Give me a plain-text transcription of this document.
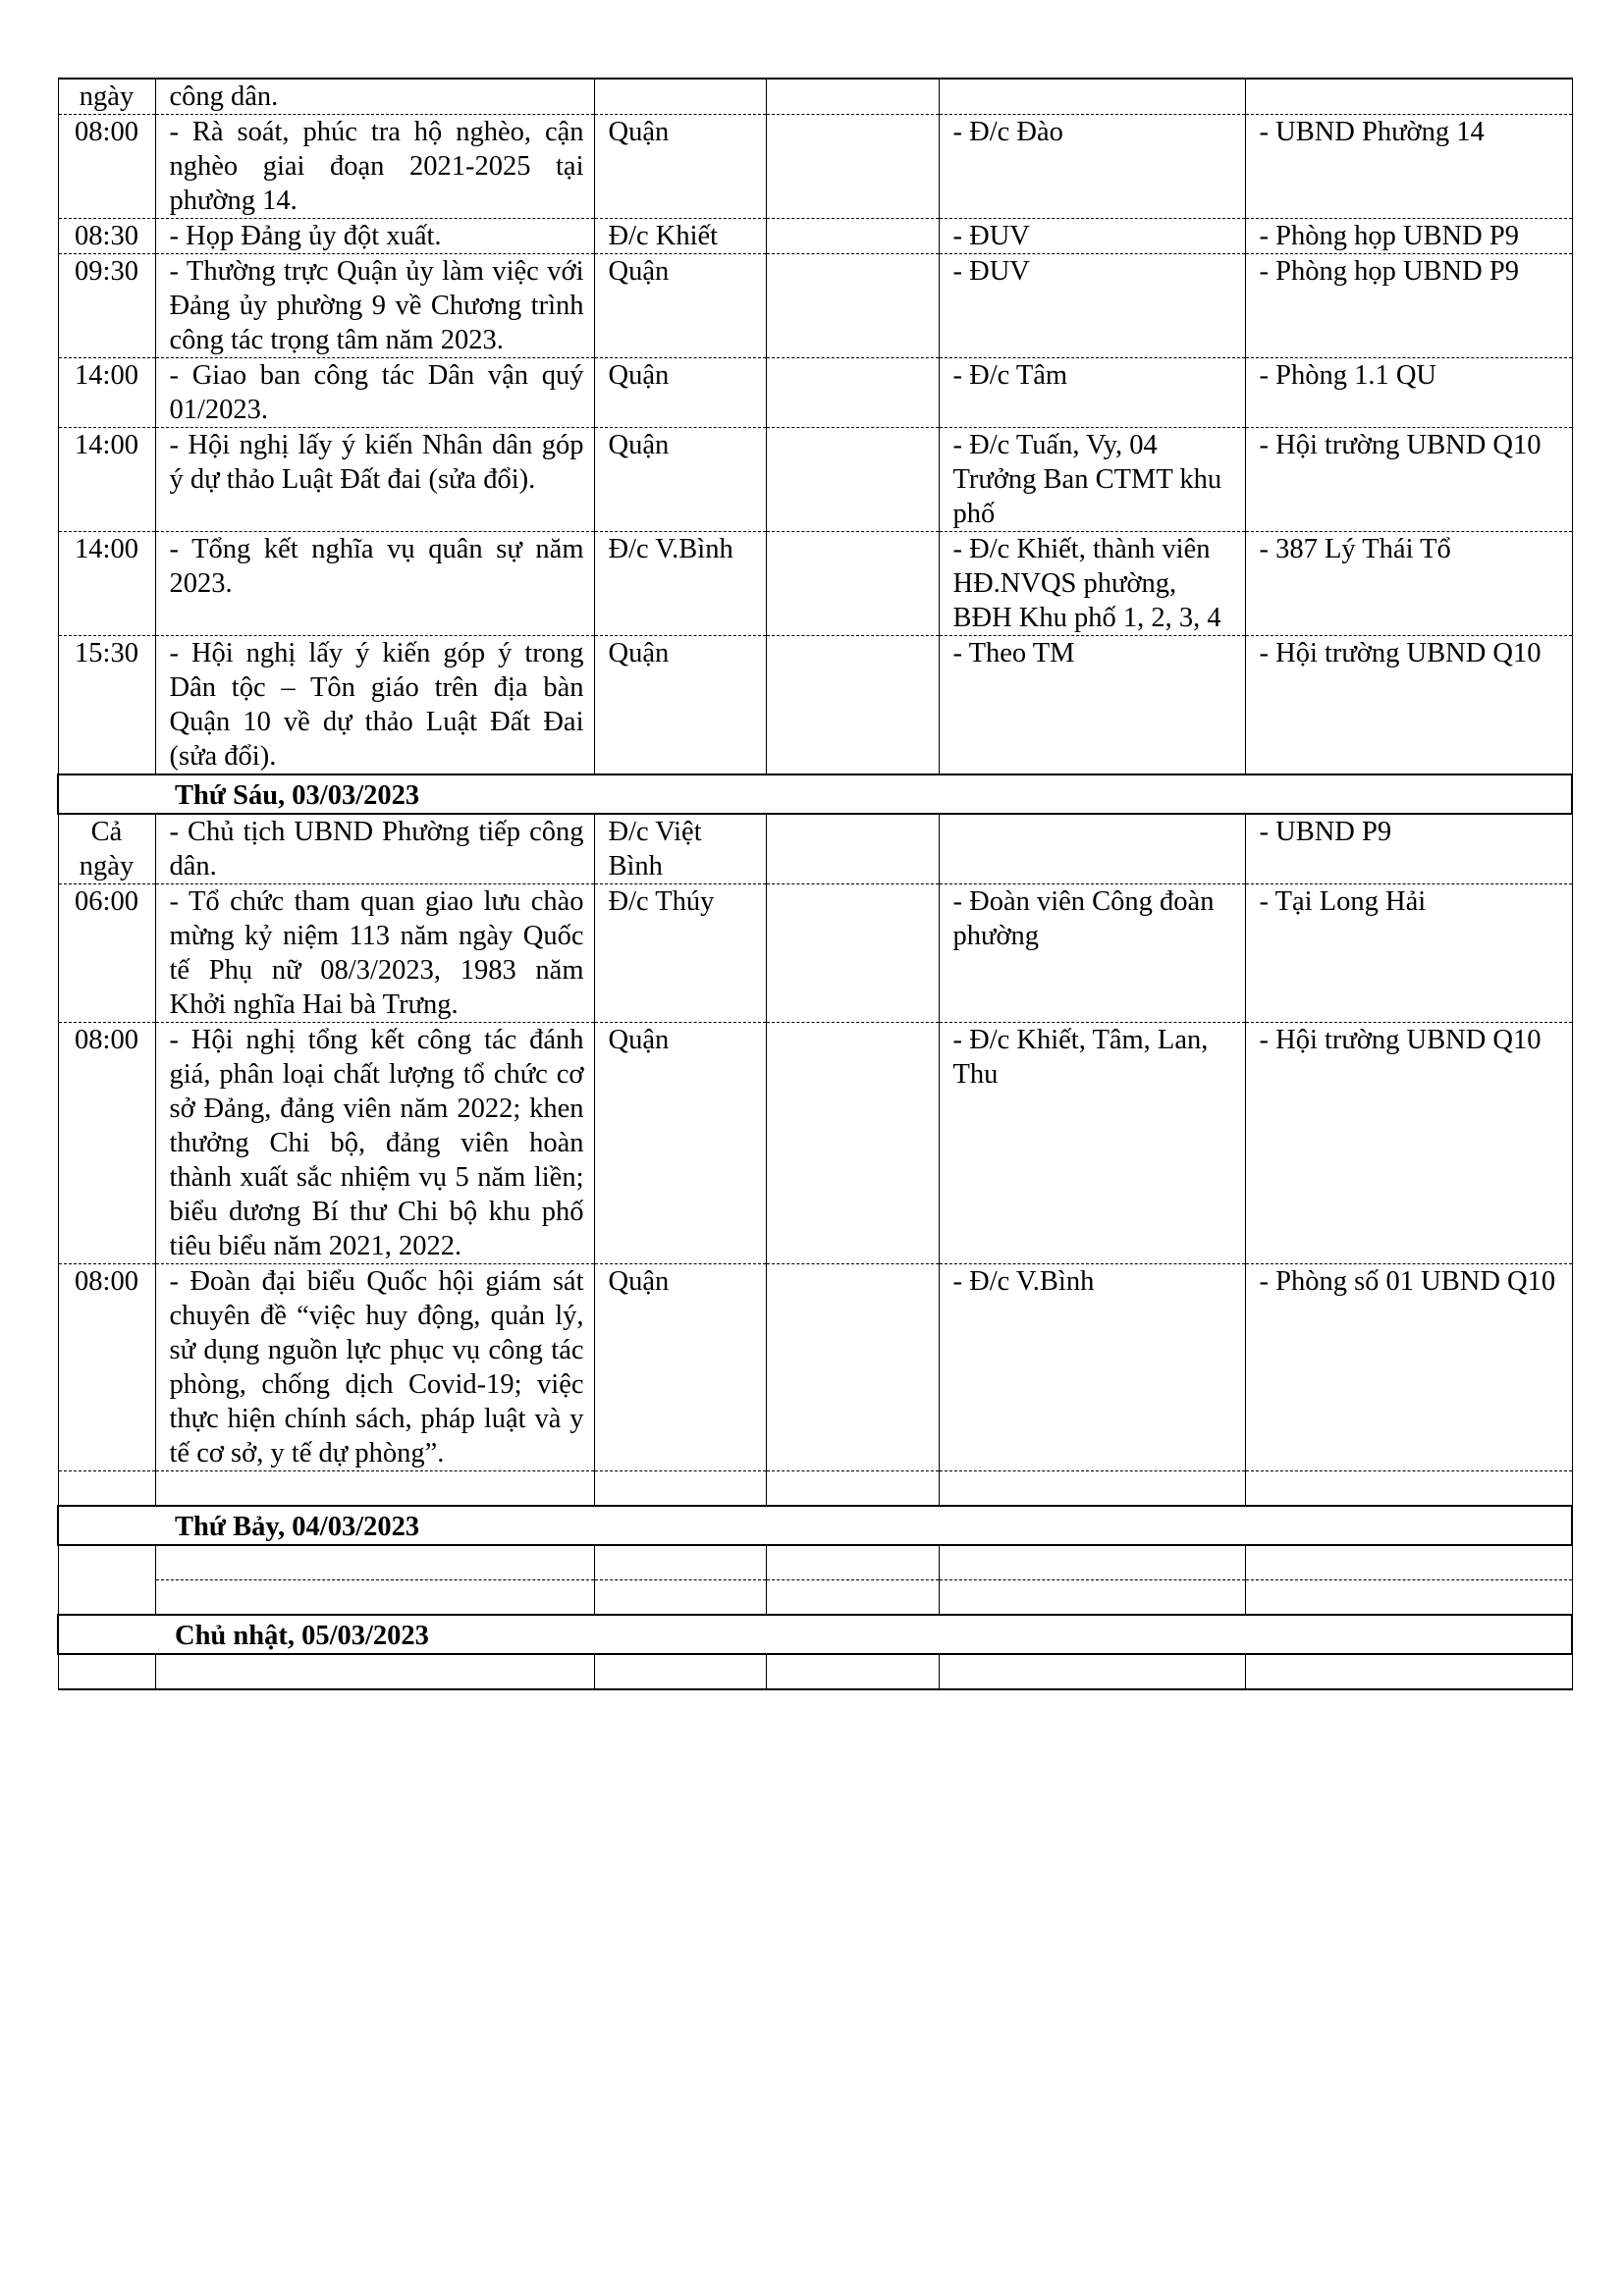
ngày	công dân.				
08:00	- Rà soát, phúc tra hộ nghèo, cận nghèo giai đoạn 2021-2025 tại phường 14.	Quận		- Đ/c Đào	- UBND Phường 14
08:30	- Họp Đảng ủy đột xuất.	Đ/c Khiết		- ĐUV	- Phòng họp UBND P9
09:30	- Thường trực Quận ủy làm việc với Đảng ủy phường 9 về Chương trình công tác trọng tâm năm 2023.	Quận		- ĐUV	- Phòng họp UBND P9
14:00	- Giao ban công tác Dân vận quý 01/2023.	Quận		- Đ/c Tâm	- Phòng 1.1 QU
14:00	- Hội nghị lấy ý kiến Nhân dân góp ý dự thảo Luật Đất đai (sửa đổi).	Quận		- Đ/c Tuấn, Vy, 04 Trưởng Ban CTMT khu phố	- Hội trường UBND Q10
14:00	- Tổng kết nghĩa vụ quân sự năm 2023.	Đ/c V.Bình		- Đ/c Khiết, thành viên HĐ.NVQS phường, BĐH Khu phố 1, 2, 3, 4	- 387 Lý Thái Tổ
15:30	- Hội nghị lấy ý kiến góp ý trong Dân tộc – Tôn giáo trên địa bàn Quận 10 về dự thảo Luật Đất Đai (sửa đổi).	Quận		- Theo TM	- Hội trường UBND Q10
Thứ Sáu, 03/03/2023					
Cả ngày	- Chủ tịch UBND Phường tiếp công dân.	Đ/c Việt Bình			- UBND P9
06:00	- Tổ chức tham quan giao lưu chào mừng kỷ niệm 113 năm ngày Quốc tế Phụ nữ 08/3/2023, 1983 năm Khởi nghĩa Hai bà Trưng.	Đ/c Thúy		- Đoàn viên Công đoàn phường	- Tại Long Hải
08:00	- Hội nghị tổng kết công tác đánh giá, phân loại chất lượng tổ chức cơ sở Đảng, đảng viên năm 2022; khen thưởng Chi bộ, đảng viên hoàn thành xuất sắc nhiệm vụ 5 năm liền; biểu dương Bí thư Chi bộ khu phố tiêu biểu năm 2021, 2022.	Quận		- Đ/c Khiết, Tâm, Lan, Thu	- Hội trường UBND Q10
08:00	- Đoàn đại biểu Quốc hội giám sát chuyên đề “việc huy động, quản lý, sử dụng nguồn lực phục vụ công tác phòng, chống dịch Covid-19; việc thực hiện chính sách, pháp luật và y tế cơ sở, y tế dự phòng”.	Quận		- Đ/c V.Bình	- Phòng số 01 UBND Q10

Thứ Bảy, 04/03/2023					

Chủ nhật, 05/03/2023					
